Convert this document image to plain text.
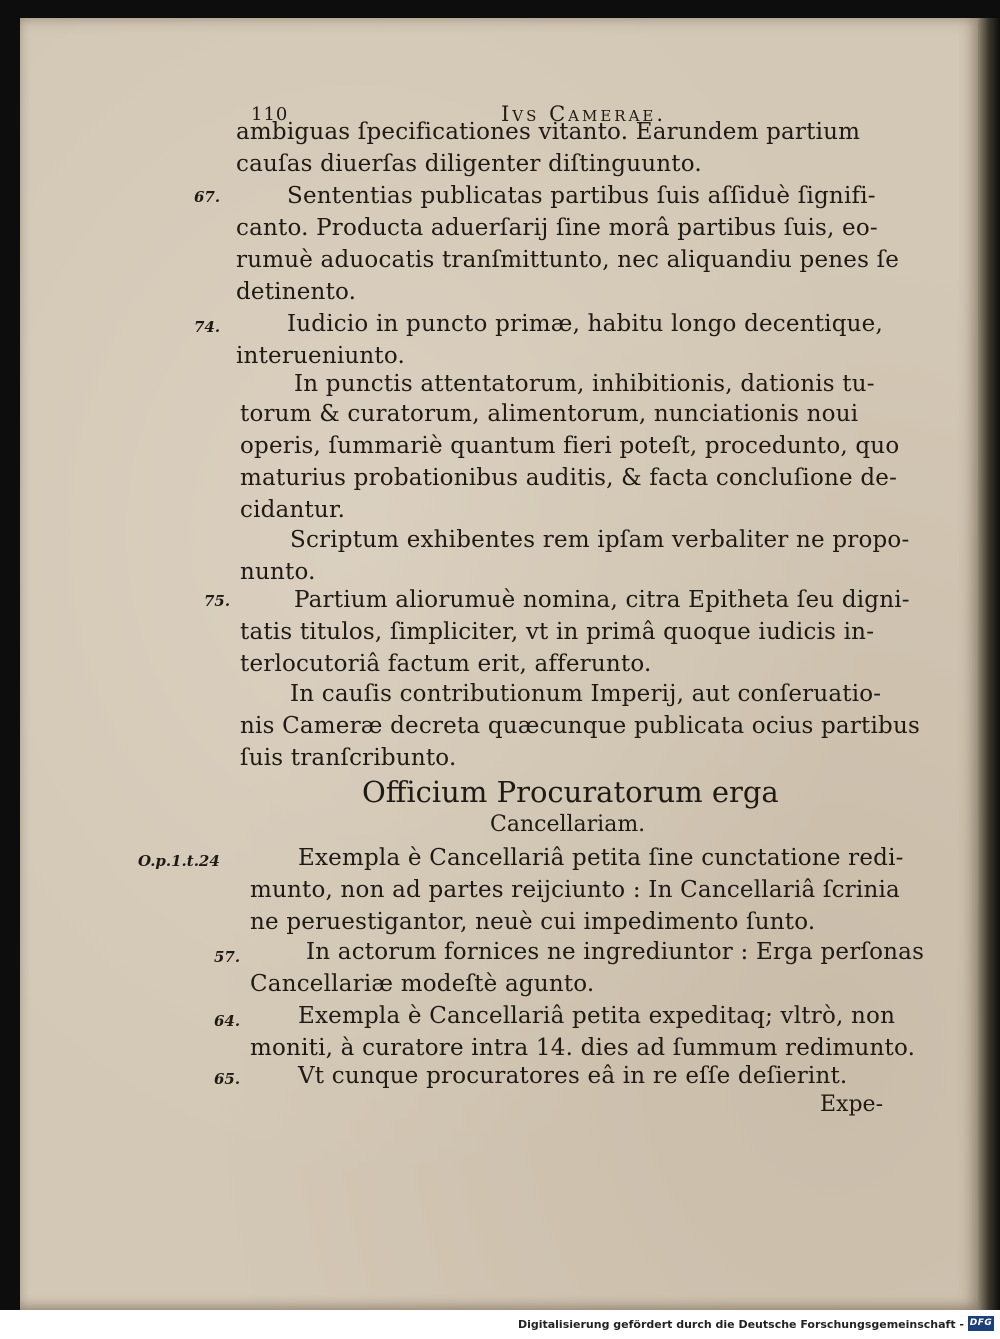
110	Ivs Camerae.
ambiguas ſpecificationes vitanto. Earundem partium
cauſas diuerſas diligenter diſtinguunto.
67.	Sententias publicatas partibus ſuis aſſiduè ſignifi-
canto. Producta aduerſarij ſine morâ partibus ſuis, eo-
rumuè aduocatis tranſmittunto, nec aliquandiu penes ſe
detinento.
74.	Iudicio in puncto primæ, habitu longo decentique,
interueniunto.
In punctis attentatorum, inhibitionis, dationis tu-
torum & curatorum, alimentorum, nunciationis noui
operis, ſummariè quantum fieri poteſt, procedunto, quo
maturius probationibus auditis, & facta concluſione de-
cidantur.
Scriptum exhibentes rem ipſam verbaliter ne propo-
nunto.
75.	Partium aliorumuè nomina, citra Epitheta ſeu digni-
tatis titulos, ſimpliciter, vt in primâ quoque iudicis in-
terlocutoriâ factum erit, afferunto.
In cauſis contributionum Imperij, aut conſeruatio-
nis Cameræ decreta quæcunque publicata ocius partibus
ſuis tranſcribunto.
Officium Procuratorum erga
Cancellariam.
O.p.1.t.24	Exempla è Cancellariâ petita ſine cunctatione redi-
munto, non ad partes reijciunto : In Cancellariâ ſcrinia
ne peruestigantor, neuè cui impedimento ſunto.
57.	In actorum fornices ne ingrediuntor : Erga perſonas
Cancellariæ modeſtè agunto.
64.	Exempla è Cancellariâ petita expeditaq; vltrò, non
moniti, à curatore intra 14. dies ad ſummum redimunto.
65.	Vt cunque procuratores eâ in re eſſe deſierint.
Expe-
Digitalisierung gefördert durch die Deutsche Forschungsgemeinschaft - DFG
